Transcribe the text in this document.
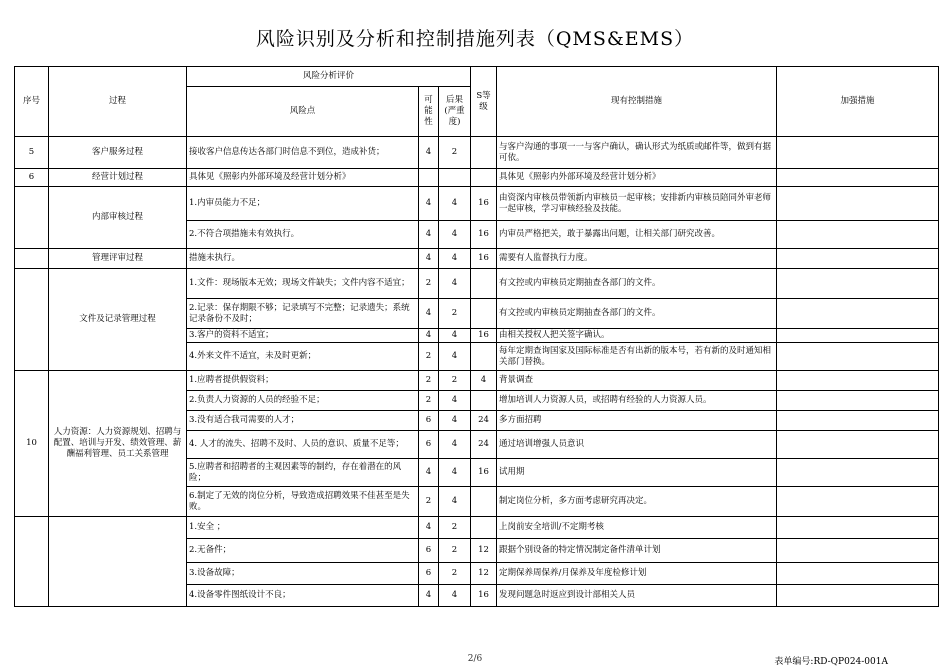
风险识别及分析和控制措施列表（QMS&EMS）
序号	过程	风险分析评价			S等级	现有控制措施	加强措施
		风险点	可能性	后果(严重度)			
5	客户服务过程	接收客户信息传达各部门时信息不到位，造成补货；	4	2		与客户沟通的事项一一与客户确认，确认形式为纸质或邮件等，做到有据可依。	
6	经营计划过程	具体见《照彰内外部环境及经营计划分析》				具体见《照彰内外部环境及经营计划分析》	
	内部审核过程	1.内审员能力不足；	4	4	16	由资深内审核员带领新内审核员一起审核；安排新内审核员陪同外审老师一起审核，学习审核经验及技能。	
		2.不符合项措施未有效执行。	4	4	16	内审员严格把关，敢于暴露出问题，让相关部门研究改善。	
	管理评审过程	措施未执行。	4	4	16	需要有人监督执行力度。	
	文件及记录管理过程	1.文件：现场版本无效；现场文件缺失；文件内容不适宜；	2	4		有文控或内审核员定期抽查各部门的文件。	
		2.记录：保存期限不够；记录填写不完整；记录遗失；系统记录备份不及时；	4	2		有文控或内审核员定期抽查各部门的文件。	
		3.客户的资料不适宜；	4	4	16	由相关授权人把关签字确认。	
		4.外来文件不适宜，未及时更新；	2	4		每年定期查询国家及国际标准是否有出新的版本号，若有新的及时通知相关部门替换。	
10	人力资源：人力资源规划、招聘与配置、培训与开发、绩效管理、薪酬福利管理、员工关系管理	1.应聘者提供假资料；	2	2	4	背景调查	
		2.负责人力资源的人员的经验不足；	2	4		增加培训人力资源人员，或招聘有经验的人力资源人员。	
		3.没有适合我司需要的人才；	6	4	24	多方面招聘	
		4. 人才的流失、招聘不及时、人员的意识、质量不足等；	6	4	24	通过培训增强人员意识	
		5.应聘者和招聘者的主观因素等的制约，存在着潜在的风险；	4	4	16	试用期	
		6.制定了无效的岗位分析，导致造成招聘效果不佳甚至是失败。	2	4		制定岗位分析，多方面考虑研究再决定。	
		1.安全 ；	4	2		上岗前安全培训/不定期考核	
		2.无备件；	6	2	12	跟据个别设备的特定情况制定备件清单计划	
		3.设备故障；	6	2	12	定期保养周保养/月保养及年度检修计划	
		4.设备零件图纸设计不良；	4	4	16	发现问题急时返应到设计部相关人员	
2/6	表单编号:RD-QP024-001A
